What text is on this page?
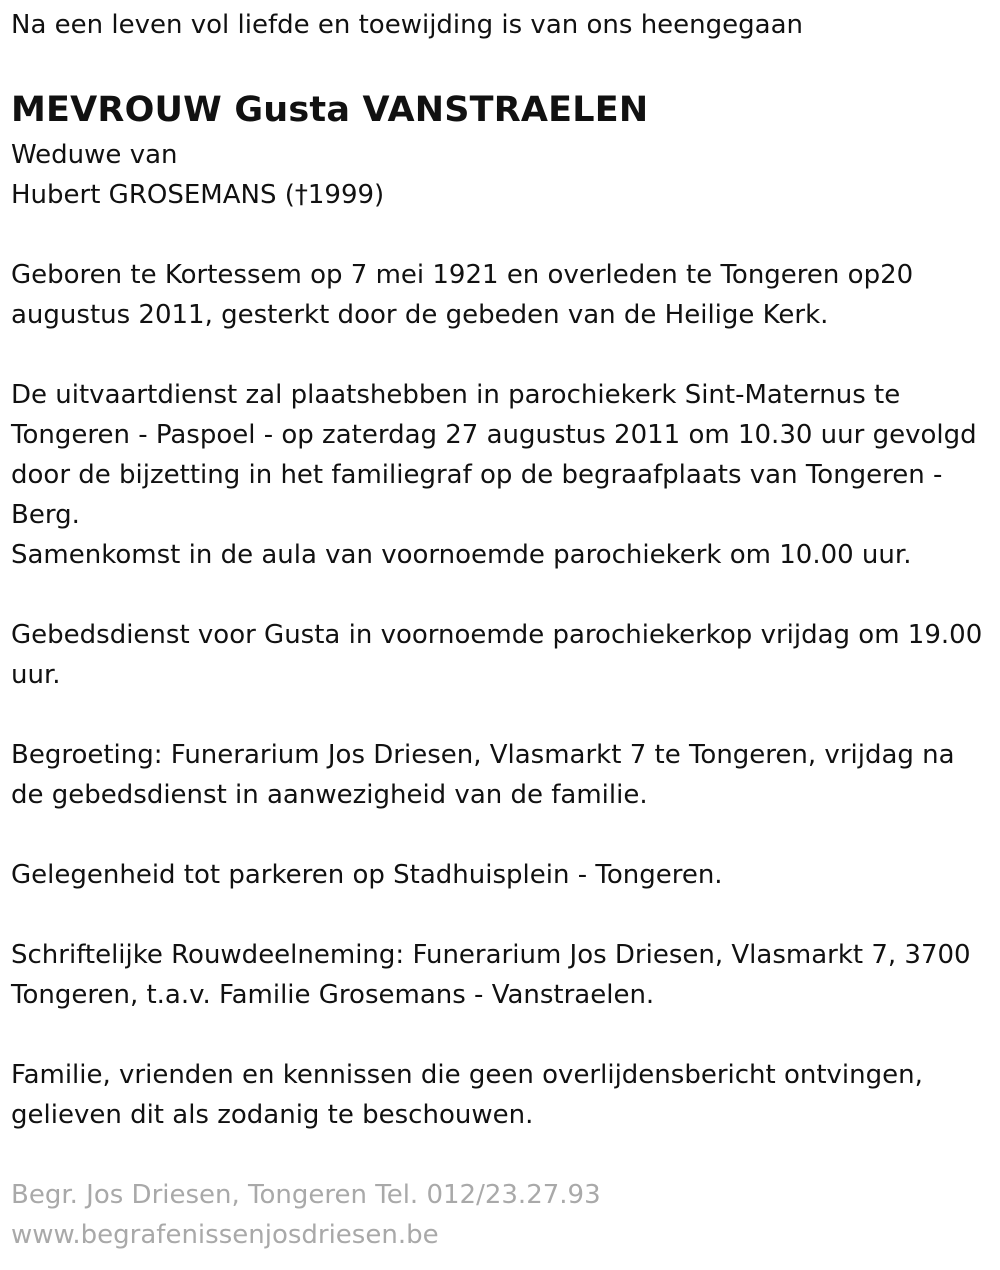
Na een leven vol liefde en toewijding is van ons heengegaan

MEVROUW Gusta VANSTRAELEN

Weduwe van

Hubert GROSEMANS (†1999)

Geboren te Kortessem op 7 mei 1921 en overleden te Tongeren op20 augustus 2011, gesterkt door de gebeden van de Heilige Kerk.

De uitvaartdienst zal plaatshebben in parochiekerk Sint-Maternus te Tongeren - Paspoel - op zaterdag 27 augustus 2011 om 10.30 uur gevolgd door de bijzetting in het familiegraf op de begraafplaats van Tongeren - Berg.

Samenkomst in de aula van voornoemde parochiekerk om 10.00 uur.

Gebedsdienst voor Gusta in voornoemde parochiekerkop vrijdag om 19.00 uur.

Begroeting: Funerarium Jos Driesen, Vlasmarkt 7 te Tongeren, vrijdag na de gebedsdienst in aanwezigheid van de familie.

Gelegenheid tot parkeren op Stadhuisplein - Tongeren.

Schriftelijke Rouwdeelneming: Funerarium Jos Driesen, Vlasmarkt 7, 3700 Tongeren, t.a.v. Familie Grosemans - Vanstraelen.

Familie, vrienden en kennissen die geen overlijdensbericht ontvingen, gelieven dit als zodanig te beschouwen.

Begr. Jos Driesen, Tongeren Tel. 012/23.27.93

www.begrafenissenjosdriesen.be
